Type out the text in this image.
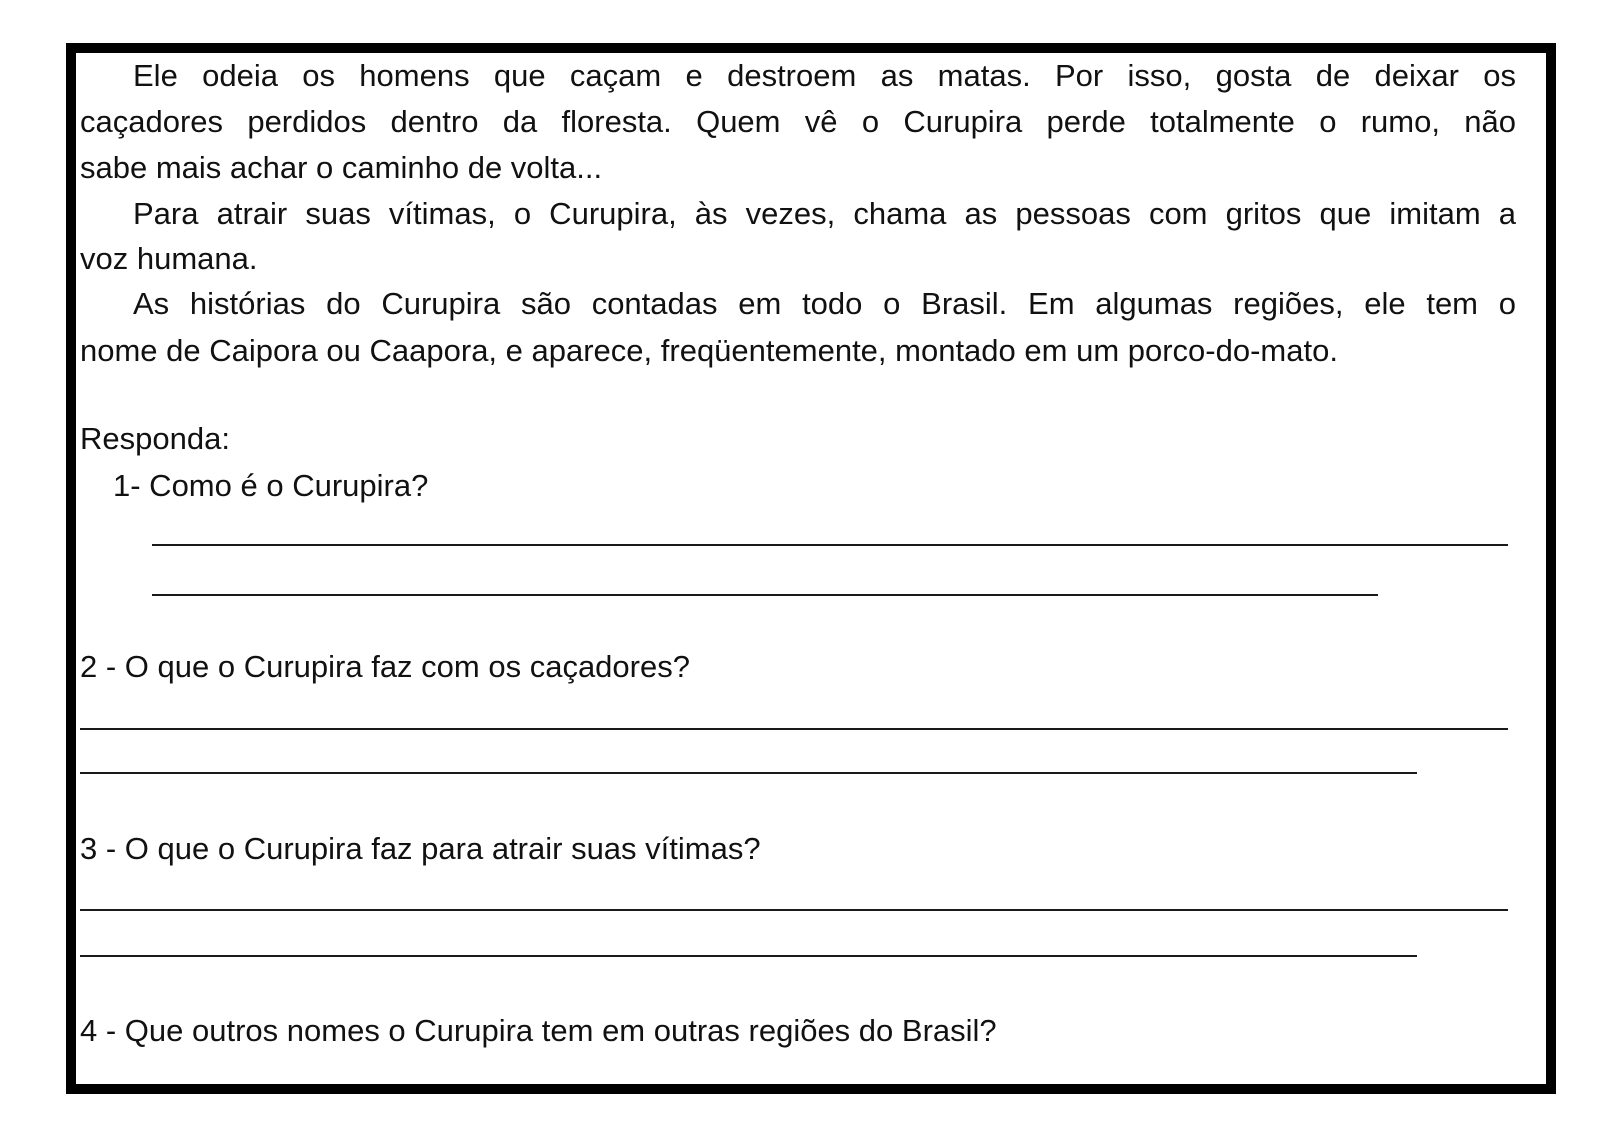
Ele odeia os homens que caçam e destroem as matas. Por isso, gosta de deixar os
caçadores perdidos dentro da floresta. Quem vê o Curupira perde totalmente o rumo, não
sabe mais achar o caminho de volta...
Para atrair suas vítimas, o Curupira, às vezes, chama as pessoas com gritos que imitam a
voz humana.
As histórias do Curupira são contadas em todo o Brasil. Em algumas regiões, ele tem o
nome de Caipora ou Caapora, e aparece, freqüentemente, montado em um porco-do-mato.
Responda:
1- Como é o Curupira?
2 - O que o Curupira faz com os caçadores?
3 - O que o Curupira faz para atrair suas vítimas?
4 - Que outros nomes o Curupira tem em outras regiões do Brasil?
